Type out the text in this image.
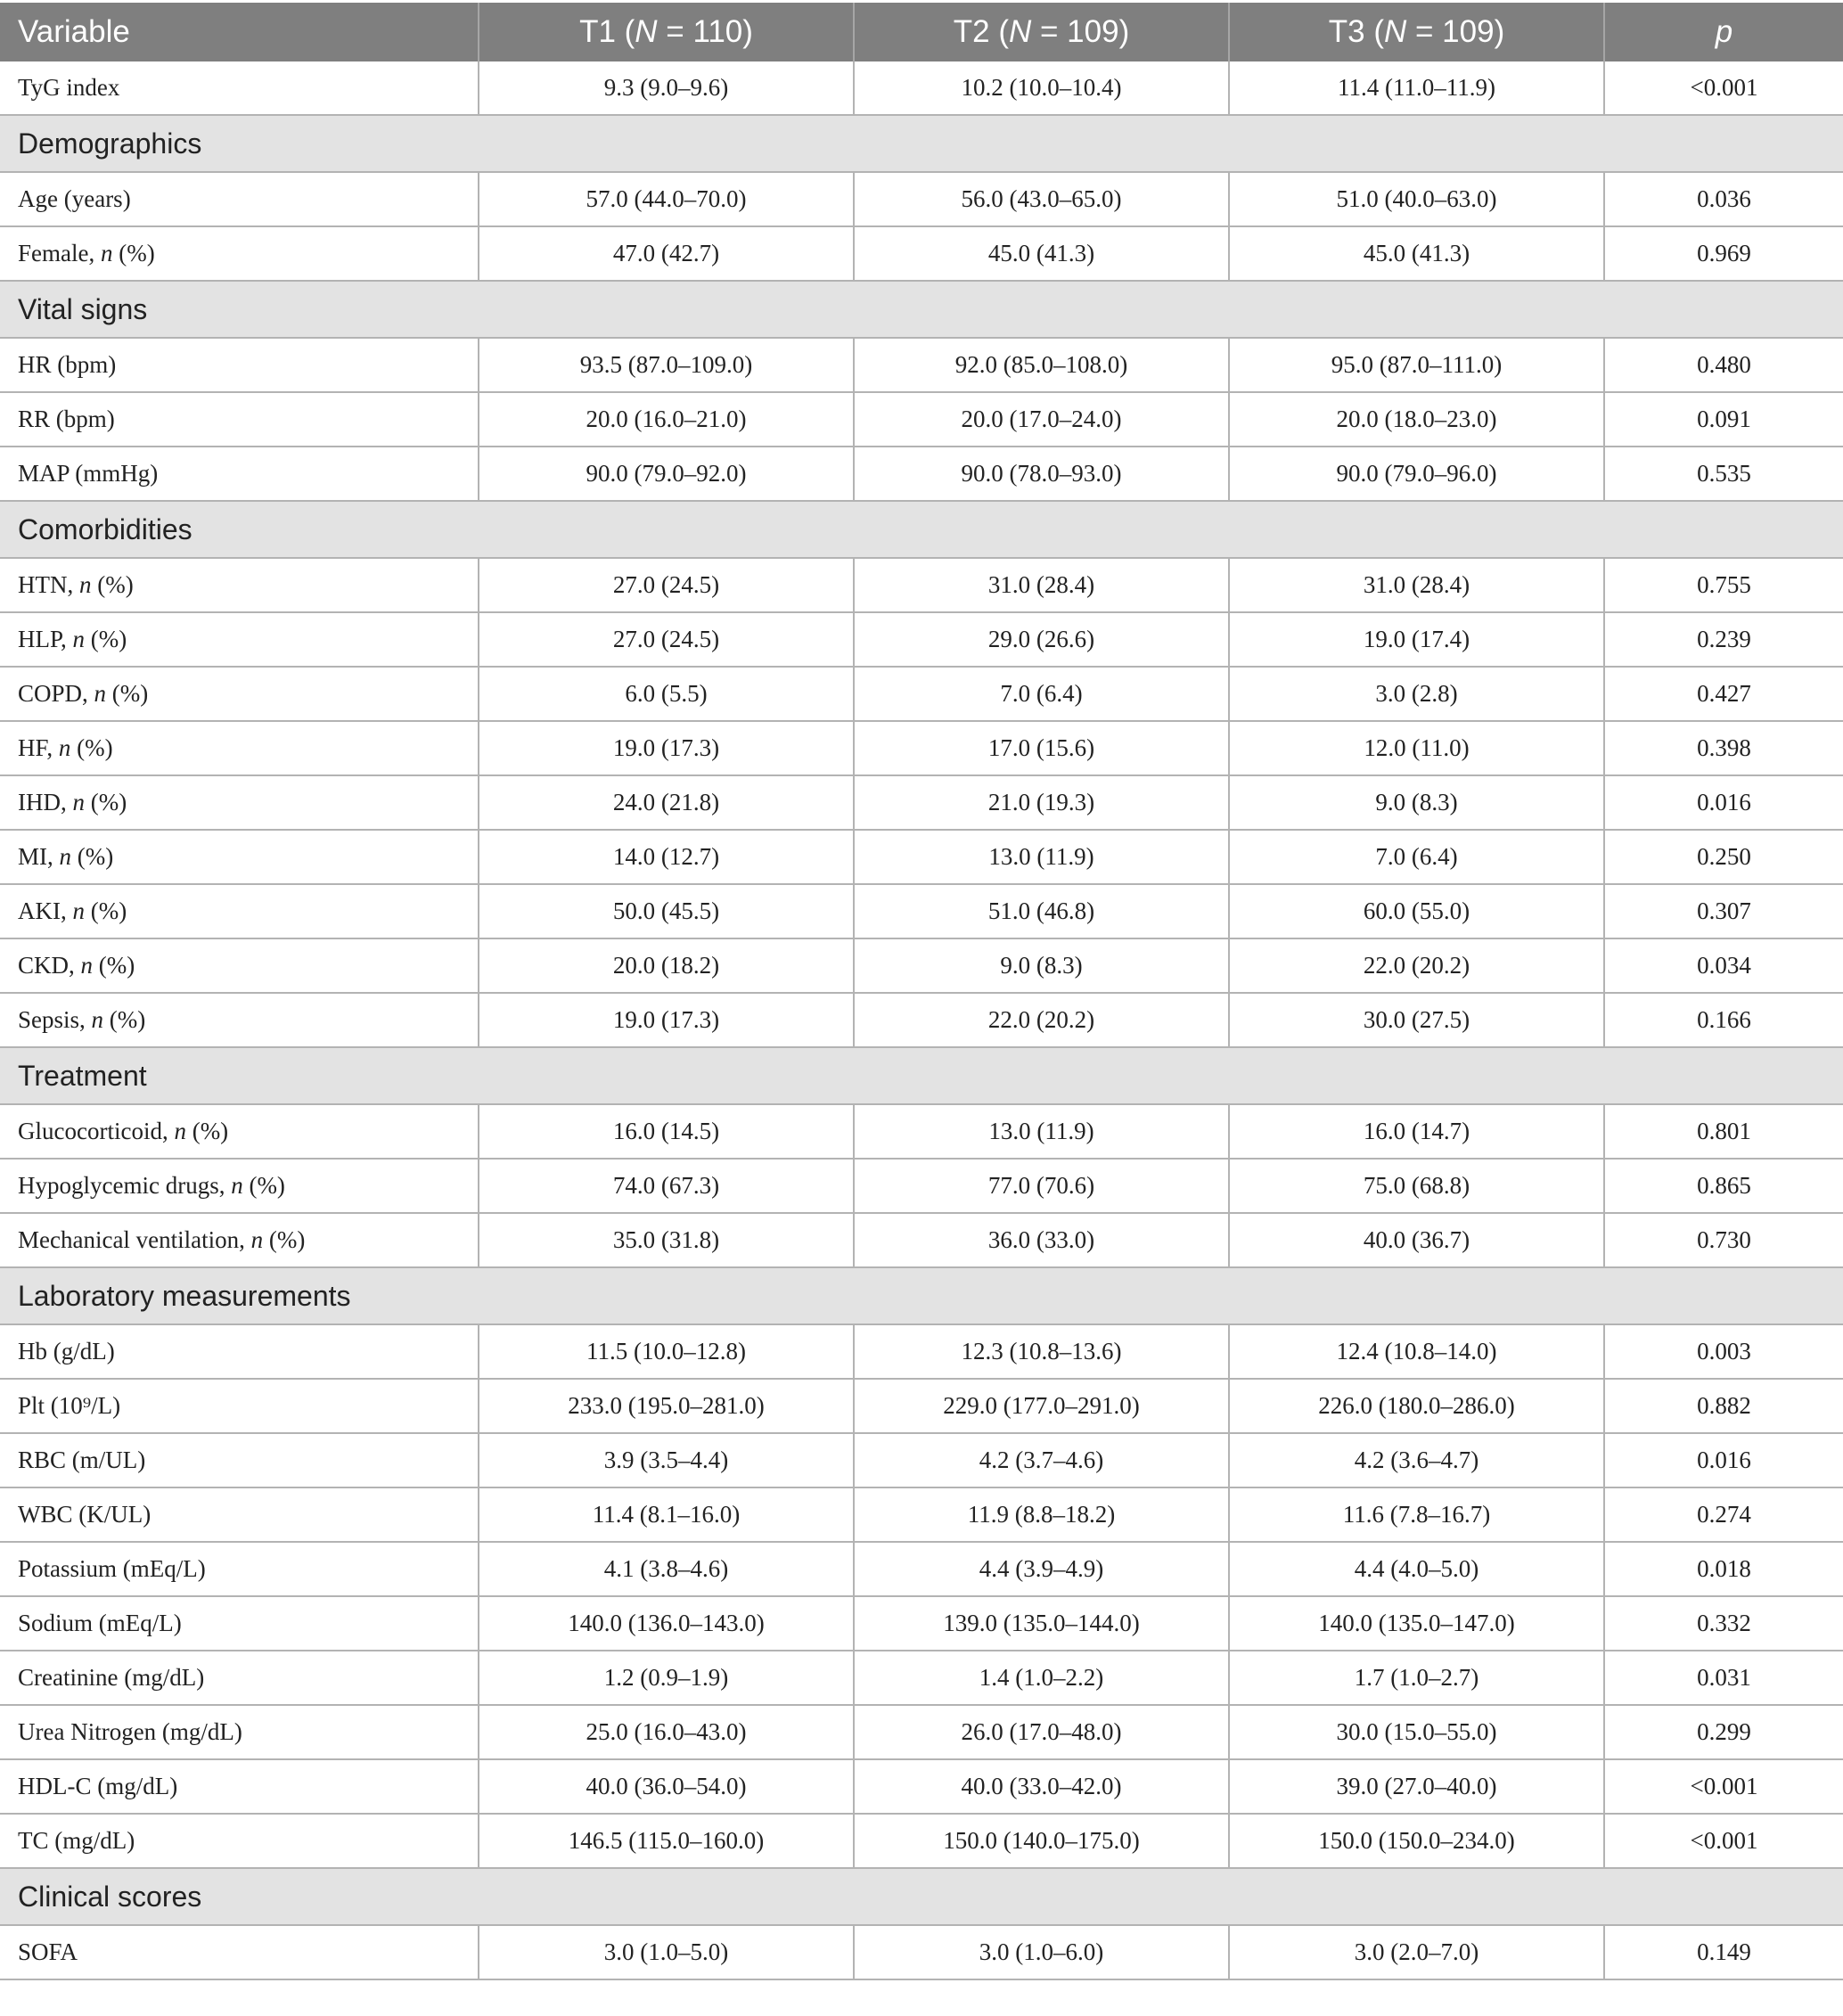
Variable	T1 (N = 110)	T2 (N = 109)	T3 (N = 109)	p
TyG index	9.3 (9.0–9.6)	10.2 (10.0–10.4)	11.4 (11.0–11.9)	<0.001
Demographics				
Age (years)	57.0 (44.0–70.0)	56.0 (43.0–65.0)	51.0 (40.0–63.0)	0.036
Female, n (%)	47.0 (42.7)	45.0 (41.3)	45.0 (41.3)	0.969
Vital signs				
HR (bpm)	93.5 (87.0–109.0)	92.0 (85.0–108.0)	95.0 (87.0–111.0)	0.480
RR (bpm)	20.0 (16.0–21.0)	20.0 (17.0–24.0)	20.0 (18.0–23.0)	0.091
MAP (mmHg)	90.0 (79.0–92.0)	90.0 (78.0–93.0)	90.0 (79.0–96.0)	0.535
Comorbidities				
HTN, n (%)	27.0 (24.5)	31.0 (28.4)	31.0 (28.4)	0.755
HLP, n (%)	27.0 (24.5)	29.0 (26.6)	19.0 (17.4)	0.239
COPD, n (%)	6.0 (5.5)	7.0 (6.4)	3.0 (2.8)	0.427
HF, n (%)	19.0 (17.3)	17.0 (15.6)	12.0 (11.0)	0.398
IHD, n (%)	24.0 (21.8)	21.0 (19.3)	9.0 (8.3)	0.016
MI, n (%)	14.0 (12.7)	13.0 (11.9)	7.0 (6.4)	0.250
AKI, n (%)	50.0 (45.5)	51.0 (46.8)	60.0 (55.0)	0.307
CKD, n (%)	20.0 (18.2)	9.0 (8.3)	22.0 (20.2)	0.034
Sepsis, n (%)	19.0 (17.3)	22.0 (20.2)	30.0 (27.5)	0.166
Treatment				
Glucocorticoid, n (%)	16.0 (14.5)	13.0 (11.9)	16.0 (14.7)	0.801
Hypoglycemic drugs, n (%)	74.0 (67.3)	77.0 (70.6)	75.0 (68.8)	0.865
Mechanical ventilation, n (%)	35.0 (31.8)	36.0 (33.0)	40.0 (36.7)	0.730
Laboratory measurements				
Hb (g/dL)	11.5 (10.0–12.8)	12.3 (10.8–13.6)	12.4 (10.8–14.0)	0.003
Plt (10⁹/L)	233.0 (195.0–281.0)	229.0 (177.0–291.0)	226.0 (180.0–286.0)	0.882
RBC (m/UL)	3.9 (3.5–4.4)	4.2 (3.7–4.6)	4.2 (3.6–4.7)	0.016
WBC (K/UL)	11.4 (8.1–16.0)	11.9 (8.8–18.2)	11.6 (7.8–16.7)	0.274
Potassium (mEq/L)	4.1 (3.8–4.6)	4.4 (3.9–4.9)	4.4 (4.0–5.0)	0.018
Sodium (mEq/L)	140.0 (136.0–143.0)	139.0 (135.0–144.0)	140.0 (135.0–147.0)	0.332
Creatinine (mg/dL)	1.2 (0.9–1.9)	1.4 (1.0–2.2)	1.7 (1.0–2.7)	0.031
Urea Nitrogen (mg/dL)	25.0 (16.0–43.0)	26.0 (17.0–48.0)	30.0 (15.0–55.0)	0.299
HDL-C (mg/dL)	40.0 (36.0–54.0)	40.0 (33.0–42.0)	39.0 (27.0–40.0)	<0.001
TC (mg/dL)	146.5 (115.0–160.0)	150.0 (140.0–175.0)	150.0 (150.0–234.0)	<0.001
Clinical scores				
SOFA	3.0 (1.0–5.0)	3.0 (1.0–6.0)	3.0 (2.0–7.0)	0.149
